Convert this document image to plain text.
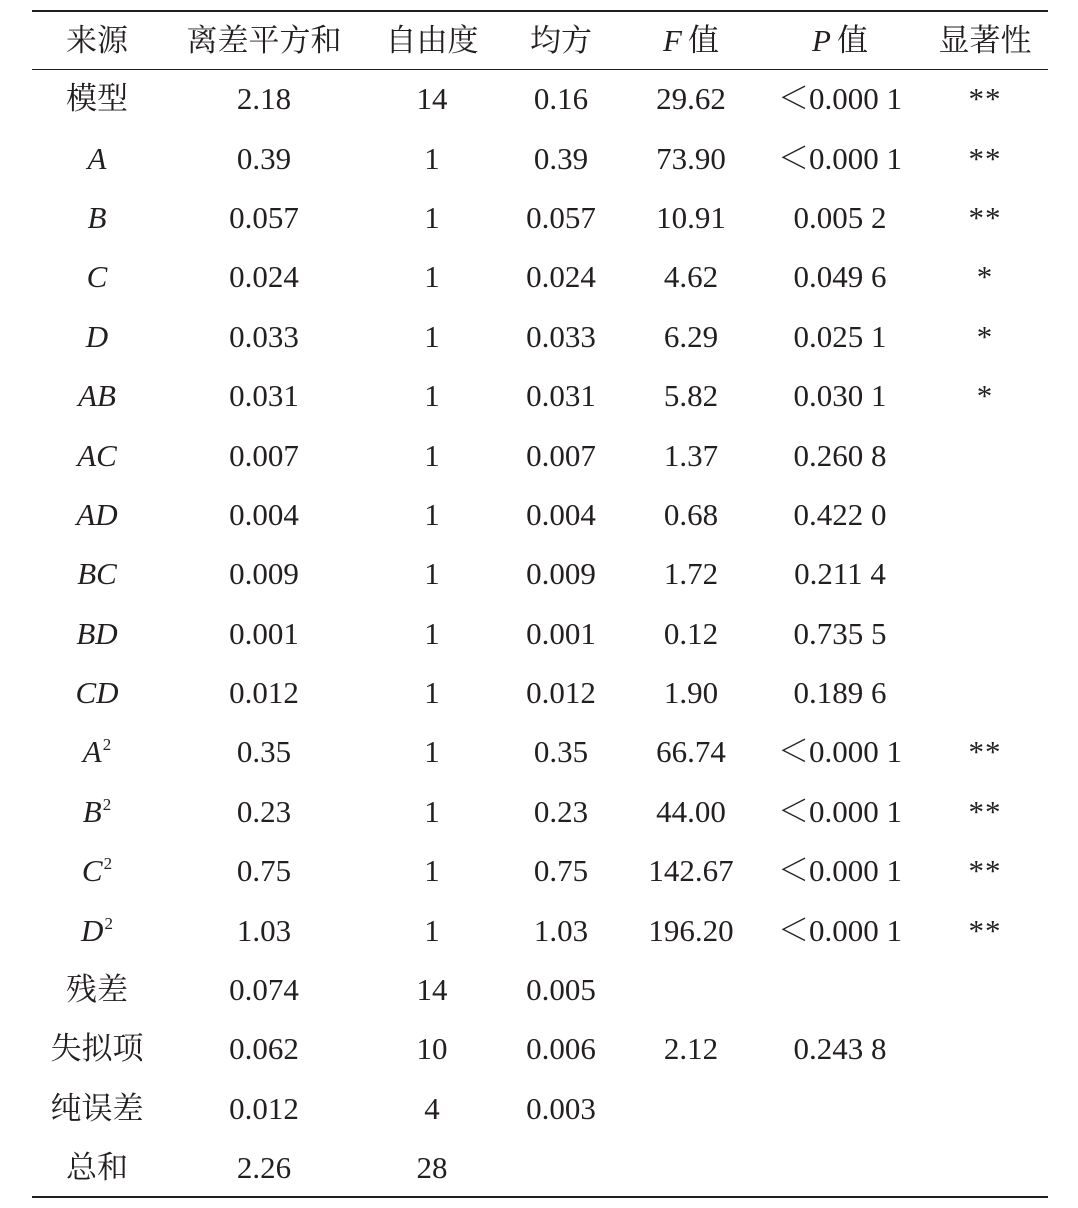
来源	离差平方和	自由度	均方	F 值	P 值	显著性
模型	2.18	14	0.16	29.62	＜0.000 1	**
A	0.39	1	0.39	73.90	＜0.000 1	**
B	0.057	1	0.057	10.91	0.005 2	**
C	0.024	1	0.024	4.62	0.049 6	*
D	0.033	1	0.033	6.29	0.025 1	*
AB	0.031	1	0.031	5.82	0.030 1	*
AC	0.007	1	0.007	1.37	0.260 8	
AD	0.004	1	0.004	0.68	0.422 0	
BC	0.009	1	0.009	1.72	0.211 4	
BD	0.001	1	0.001	0.12	0.735 5	
CD	0.012	1	0.012	1.90	0.189 6	
$A^2$	0.35	1	0.35	66.74	＜0.000 1	**
$B^2$	0.23	1	0.23	44.00	＜0.000 1	**
$C^2$	0.75	1	0.75	142.67	＜0.000 1	**
$D^2$	1.03	1	1.03	196.20	＜0.000 1	**
残差	0.074	14	0.005			
失拟项	0.062	10	0.006	2.12	0.243 8	
纯误差	0.012	4	0.003			
总和	2.26	28				
